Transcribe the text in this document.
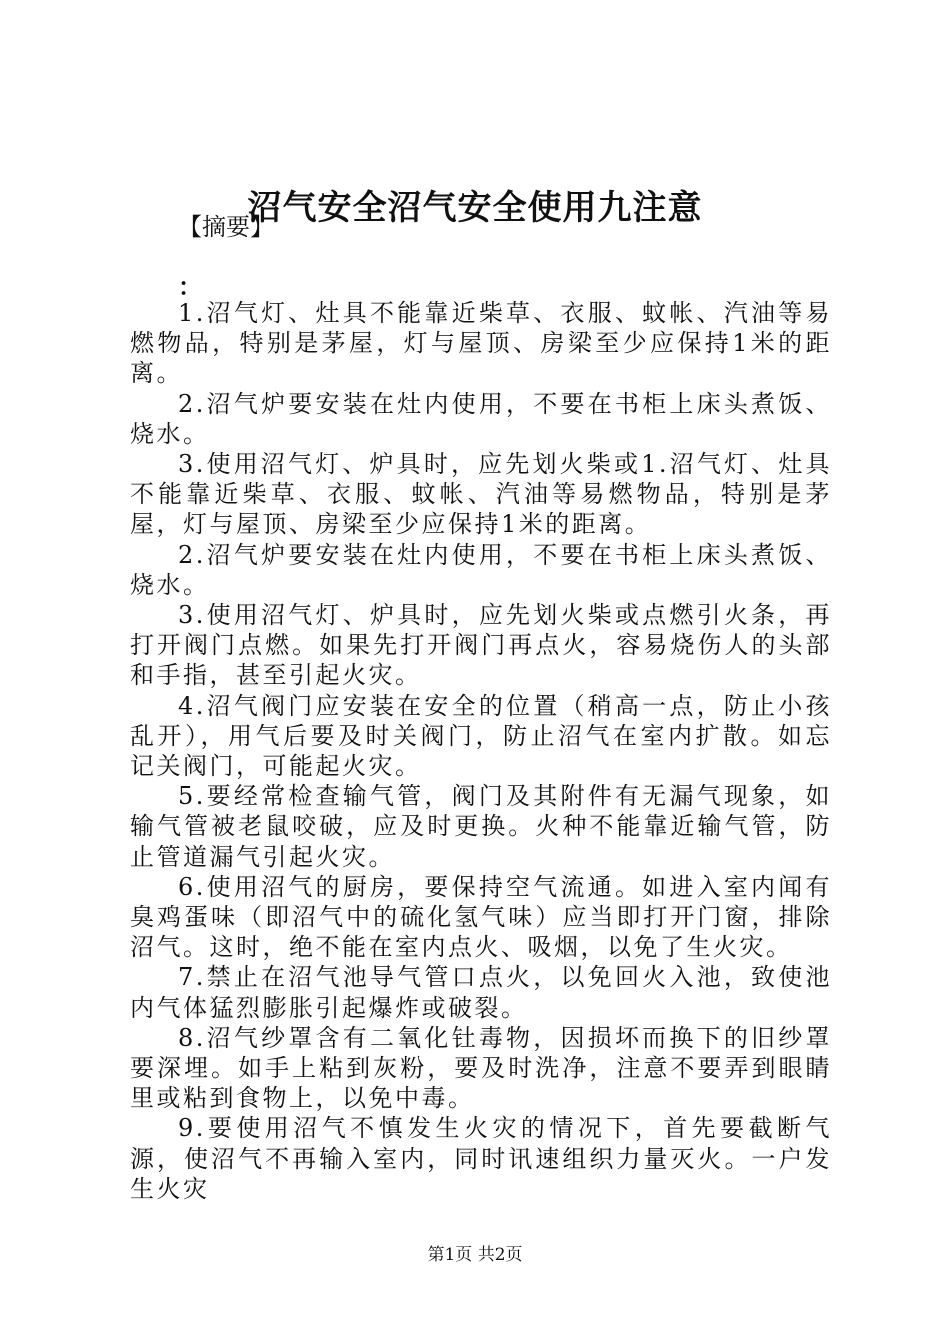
沼气安全沼气安全使用九注意
【摘要】
：

1.沼气灯、灶具不能靠近柴草、衣服、蚊帐、汽油等易燃物品，特别是茅屋，灯与屋顶、房梁至少应保持1米的距离。

2.沼气炉要安装在灶内使用，不要在书柜上床头煮饭、烧水。

3.使用沼气灯、炉具时，应先划火柴或1.沼气灯、灶具不能靠近柴草、衣服、蚊帐、汽油等易燃物品，特别是茅屋，灯与屋顶、房梁至少应保持1米的距离。

2.沼气炉要安装在灶内使用，不要在书柜上床头煮饭、烧水。

3.使用沼气灯、炉具时，应先划火柴或点燃引火条，再打开阀门点燃。如果先打开阀门再点火，容易烧伤人的头部和手指，甚至引起火灾。

4.沼气阀门应安装在安全的位置（稍高一点，防止小孩乱开），用气后要及时关阀门，防止沼气在室内扩散。如忘记关阀门，可能起火灾。

5.要经常检查输气管，阀门及其附件有无漏气现象，如输气管被老鼠咬破，应及时更换。火种不能靠近输气管，防止管道漏气引起火灾。

6.使用沼气的厨房，要保持空气流通。如进入室内闻有臭鸡蛋味（即沼气中的硫化氢气味）应当即打开门窗，排除沼气。这时，绝不能在室内点火、吸烟，以免了生火灾。

7.禁止在沼气池导气管口点火，以免回火入池，致使池内气体猛烈膨胀引起爆炸或破裂。

8.沼气纱罩含有二氧化钍毒物，因损坏而换下的旧纱罩要深埋。如手上粘到灰粉，要及时洗净，注意不要弄到眼睛里或粘到食物上，以免中毒。

9.要使用沼气不慎发生火灾的情况下，首先要截断气源，使沼气不再输入室内，同时讯速组织力量灭火。一户发生火灾

第1页 共2页
